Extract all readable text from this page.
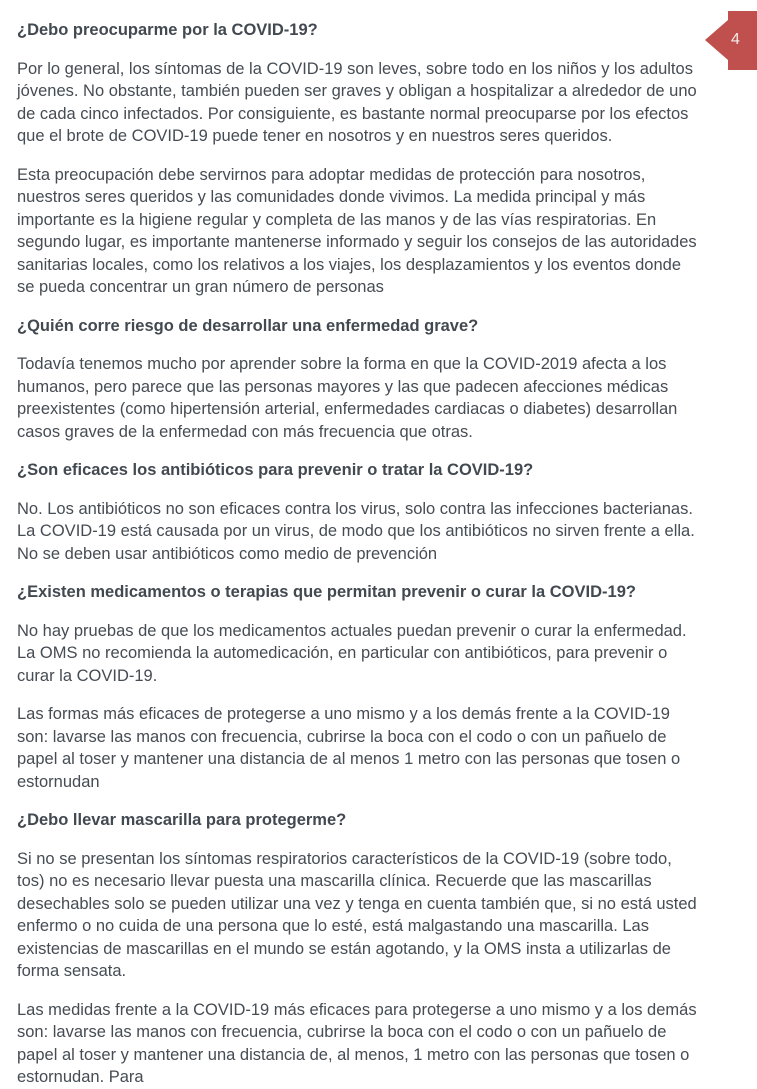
4
¿Debo preocuparme por la COVID-19?

Por lo general, los síntomas de la COVID-19 son leves, sobre todo en los niños y los adultos jóvenes. No obstante, también pueden ser graves y obligan a hospitalizar a alrededor de uno de cada cinco infectados. Por consiguiente, es bastante normal preocuparse por los efectos que el brote de COVID-19 puede tener en nosotros y en nuestros seres queridos.

Esta preocupación debe servirnos para adoptar medidas de protección para nosotros, nuestros seres queridos y las comunidades donde vivimos. La medida principal y más importante es la higiene regular y completa de las manos y de las vías respiratorias. En segundo lugar, es importante mantenerse informado y seguir los consejos de las autoridades sanitarias locales, como los relativos a los viajes, los desplazamientos y los eventos donde se pueda concentrar un gran número de personas

¿Quién corre riesgo de desarrollar una enfermedad grave?

Todavía tenemos mucho por aprender sobre la forma en que la COVID-2019 afecta a los humanos, pero parece que las personas mayores y las que padecen afecciones médicas preexistentes (como hipertensión arterial, enfermedades cardiacas o diabetes) desarrollan casos graves de la enfermedad con más frecuencia que otras.

¿Son eficaces los antibióticos para prevenir o tratar la COVID-19?

No. Los antibióticos no son eficaces contra los virus, solo contra las infecciones bacterianas. La COVID-19 está causada por un virus, de modo que los antibióticos no sirven frente a ella. No se deben usar antibióticos como medio de prevención

¿Existen medicamentos o terapias que permitan prevenir o curar la COVID-19?

No hay pruebas de que los medicamentos actuales puedan prevenir o curar la enfermedad. La OMS no recomienda la automedicación, en particular con antibióticos, para prevenir o curar la COVID-19.

Las formas más eficaces de protegerse a uno mismo y a los demás frente a la COVID-19 son: lavarse las manos con frecuencia, cubrirse la boca con el codo o con un pañuelo de papel al toser y mantener una distancia de al menos 1 metro con las personas que tosen o estornudan

¿Debo llevar mascarilla para protegerme?

Si no se presentan los síntomas respiratorios característicos de la COVID-19 (sobre todo, tos) no es necesario llevar puesta una mascarilla clínica. Recuerde que las mascarillas desechables solo se pueden utilizar una vez y tenga en cuenta también que, si no está usted enfermo o no cuida de una persona que lo esté, está malgastando una mascarilla. Las existencias de mascarillas en el mundo se están agotando, y la OMS insta a utilizarlas de forma sensata.

Las medidas frente a la COVID-19 más eficaces para protegerse a uno mismo y a los demás son: lavarse las manos con frecuencia, cubrirse la boca con el codo o con un pañuelo de papel al toser y mantener una distancia de, al menos, 1 metro con las personas que tosen o estornudan. Para
